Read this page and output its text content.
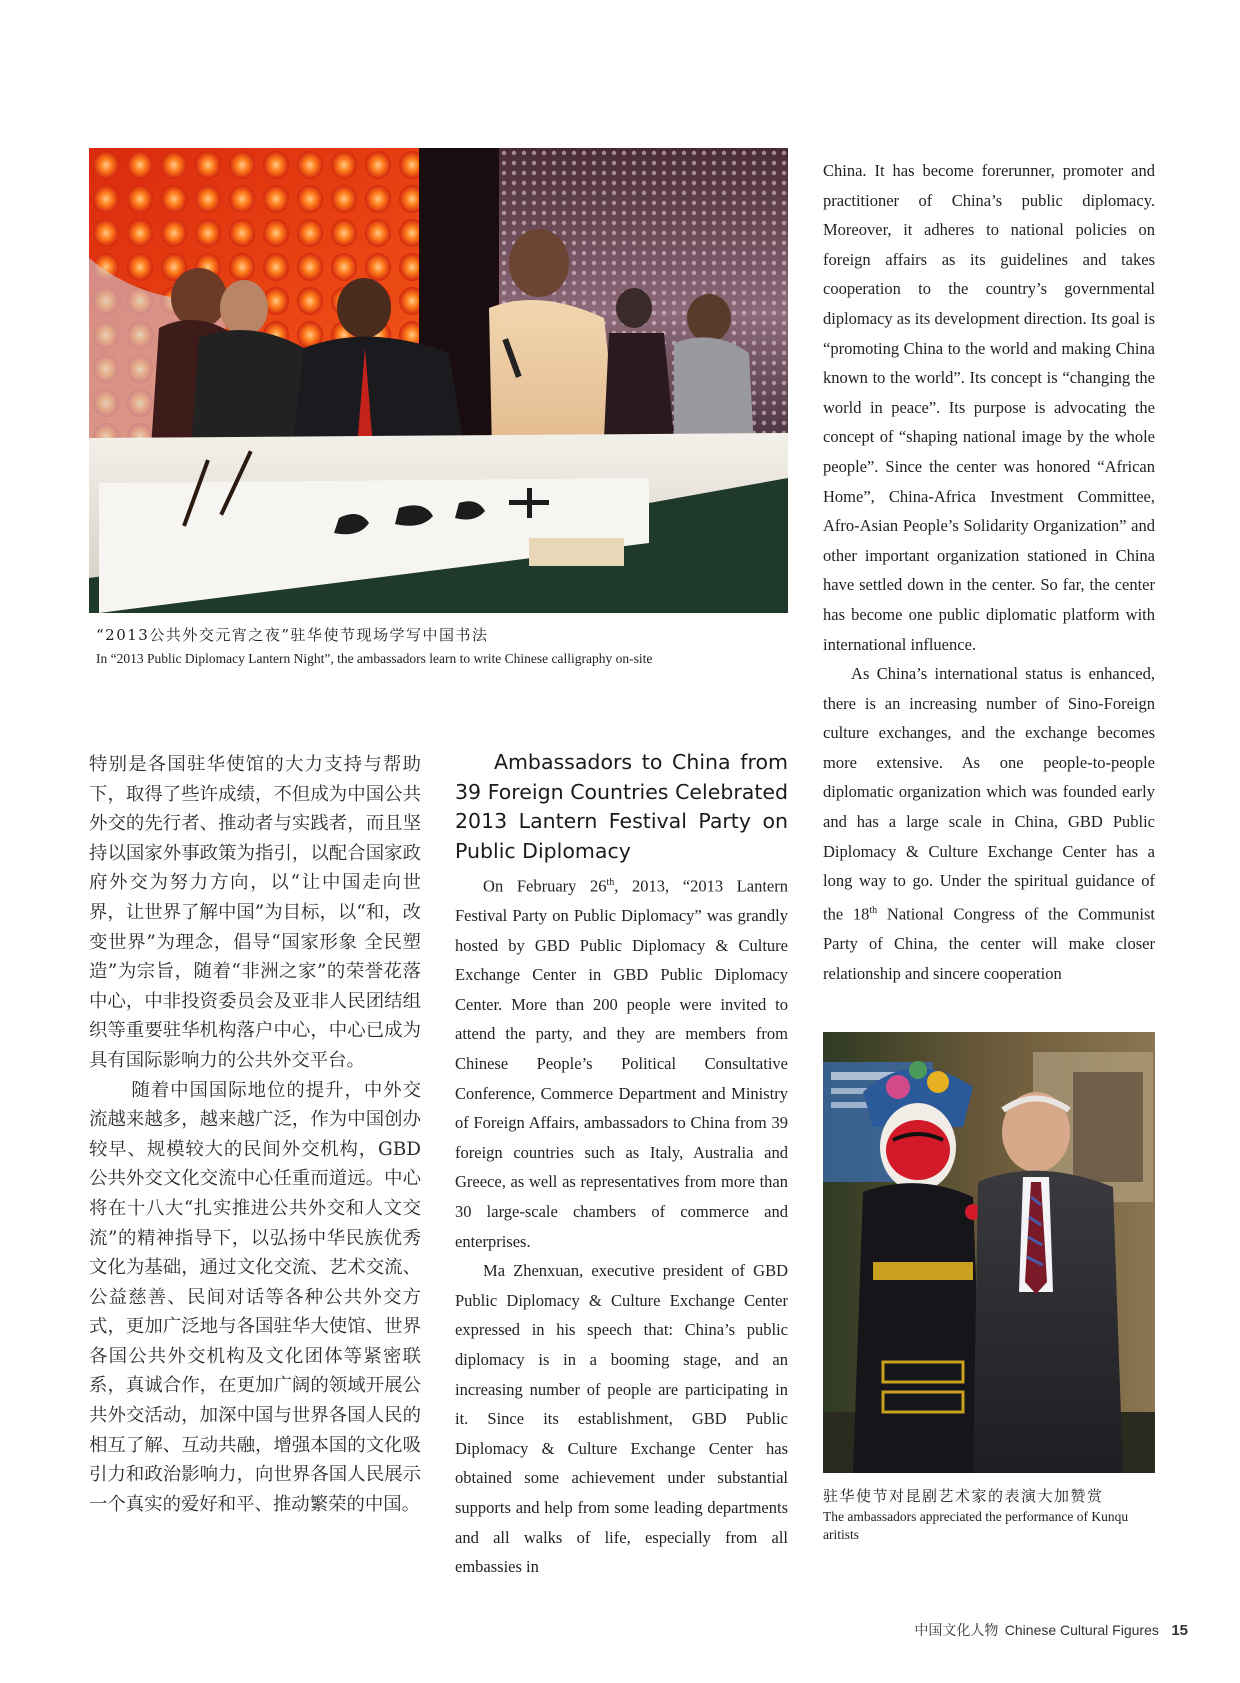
“2013公共外交元宵之夜”驻华使节现场学写中国书法
In “2013 Public Diplomacy Lantern Night”, the ambassadors learn to write Chinese calligraphy on-site

特别是各国驻华使馆的大力支持与帮助下，取得了些许成绩，不但成为中国公共外交的先行者、推动者与实践者，而且坚持以国家外事政策为指引，以配合国家政府外交为努力方向，以“让中国走向世界，让世界了解中国”为目标，以“和，改变世界”为理念，倡导“国家形象 全民塑造”为宗旨，随着“非洲之家”的荣誉花落中心，中非投资委员会及亚非人民团结组织等重要驻华机构落户中心，中心已成为具有国际影响力的公共外交平台。

随着中国国际地位的提升，中外交流越来越多，越来越广泛，作为中国创办较早、规模较大的民间外交机构，GBD公共外交文化交流中心任重而道远。中心将在十八大“扎实推进公共外交和人文交流”的精神指导下，以弘扬中华民族优秀文化为基础，通过文化交流、艺术交流、公益慈善、民间对话等各种公共外交方式，更加广泛地与各国驻华大使馆、世界各国公共外交机构及文化团体等紧密联系，真诚合作，在更加广阔的领域开展公共外交活动，加深中国与世界各国人民的相互了解、互动共融，增强本国的文化吸引力和政治影响力，向世界各国人民展示一个真实的爱好和平、推动繁荣的中国。

Ambassadors to China from 39 Foreign Countries Celebrated 2013 Lantern Festival Party on Public Diplomacy

On February 26th, 2013, “2013 Lantern Festival Party on Public Diplomacy” was grandly hosted by GBD Public Diplomacy & Culture Exchange Center in GBD Public Diplomacy Center. More than 200 people were invited to attend the party, and they are members from Chinese People’s Political Consultative Conference, Commerce Department and Ministry of Foreign Affairs, ambassadors to China from 39 foreign countries such as Italy, Australia and Greece, as well as representatives from more than 30 large-scale chambers of commerce and enterprises.

Ma Zhenxuan, executive president of GBD Public Diplomacy & Culture Exchange Center expressed in his speech that: China’s public diplomacy is in a booming stage, and an increasing number of people are participating in it. Since its establishment, GBD Public Diplomacy & Culture Exchange Center has obtained some achievement under substantial supports and help from some leading departments and all walks of life, especially from all embassies in

China. It has become forerunner, promoter and practitioner of China’s public diplomacy. Moreover, it adheres to national policies on foreign affairs as its guidelines and takes cooperation to the country’s governmental diplomacy as its development direction. Its goal is “promoting China to the world and making China known to the world”. Its concept is “changing the world in peace”. Its purpose is advocating the concept of “shaping national image by the whole people”. Since the center was honored “African Home”, China-Africa Investment Committee, Afro-Asian People’s Solidarity Organization” and other important organization stationed in China have settled down in the center. So far, the center has become one public diplomatic platform with international influence.

As China’s international status is enhanced, there is an increasing number of Sino-Foreign culture exchanges, and the exchange becomes more extensive. As one people-to-people diplomatic organization which was founded early and has a large scale in China, GBD Public Diplomacy & Culture Exchange Center has a long way to go. Under the spiritual guidance of the 18th National Congress of the Communist Party of China, the center will make closer relationship and sincere cooperation

驻华使节对昆剧艺术家的表演大加赞赏
The ambassadors appreciated the performance of Kunqu aritists
中国文化人物 Chinese Cultural Figures 15
